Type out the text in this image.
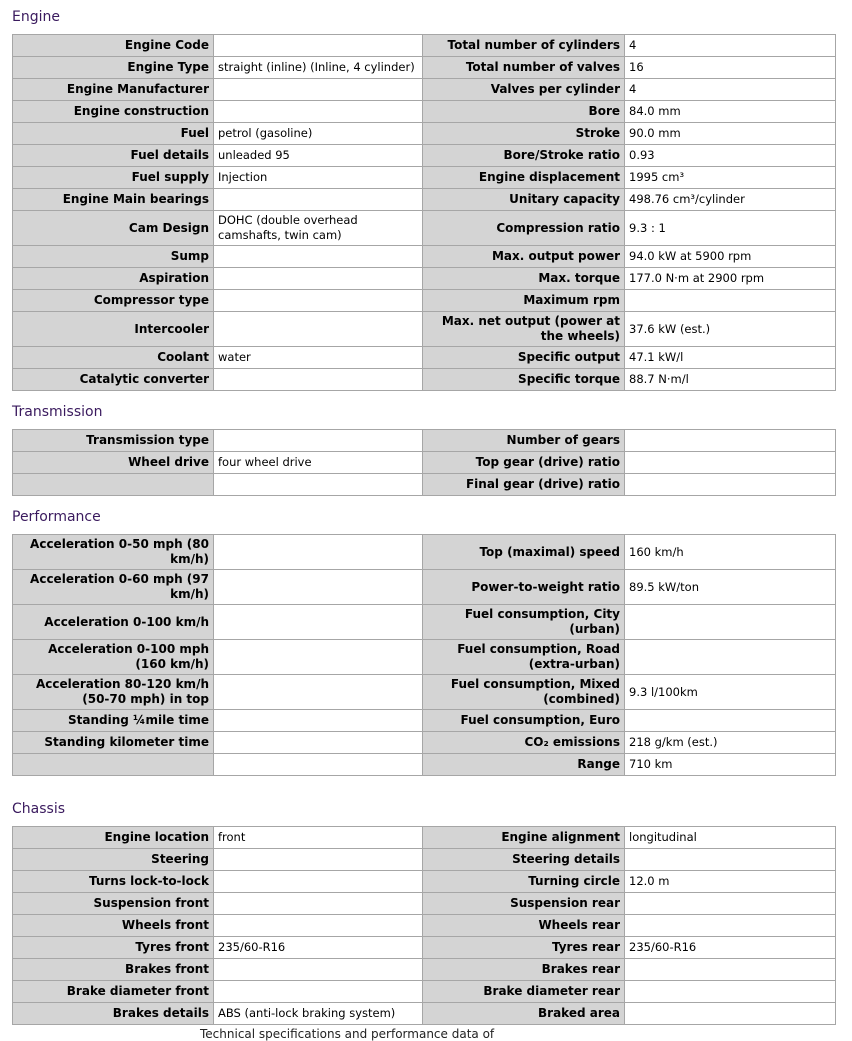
Engine
Engine Code		Total number of cylinders	4
Engine Type	straight (inline) (Inline, 4 cylinder)	Total number of valves	16
Engine Manufacturer		Valves per cylinder	4
Engine construction		Bore	84.0 mm
Fuel	petrol (gasoline)	Stroke	90.0 mm
Fuel details	unleaded 95	Bore/Stroke ratio	0.93
Fuel supply	Injection	Engine displacement	1995 cm³
Engine Main bearings		Unitary capacity	498.76 cm³/cylinder
Cam Design	DOHC (double overhead camshafts, twin cam)	Compression ratio	9.3 : 1
Sump		Max. output power	94.0 kW at 5900 rpm
Aspiration		Max. torque	177.0 N·m at 2900 rpm
Compressor type		Maximum rpm	
Intercooler		Max. net output (power at the wheels)	37.6 kW (est.)
Coolant	water	Specific output	47.1 kW/l
Catalytic converter		Specific torque	88.7 N·m/l
Transmission
Transmission type		Number of gears	
Wheel drive	four wheel drive	Top gear (drive) ratio	
		Final gear (drive) ratio	
Performance
Acceleration 0-50 mph (80 km/h)		Top (maximal) speed	160 km/h
Acceleration 0-60 mph (97 km/h)		Power-to-weight ratio	89.5 kW/ton
Acceleration 0-100 km/h		Fuel consumption, City (urban)	
Acceleration 0-100 mph (160 km/h)		Fuel consumption, Road (extra-urban)	
Acceleration 80-120 km/h (50-70 mph) in top		Fuel consumption, Mixed (combined)	9.3 l/100km
Standing ¼mile time		Fuel consumption, Euro	
Standing kilometer time		CO₂ emissions	218 g/km (est.)
		Range	710 km
Chassis
Engine location	front	Engine alignment	longitudinal
Steering		Steering details	
Turns lock-to-lock		Turning circle	12.0 m
Suspension front		Suspension rear	
Wheels front		Wheels rear	
Tyres front	235/60-R16	Tyres rear	235/60-R16
Brakes front		Brakes rear	
Brake diameter front		Brake diameter rear	
Brakes details	ABS (anti-lock braking system)	Braked area	
Technical specifications and performance data of
